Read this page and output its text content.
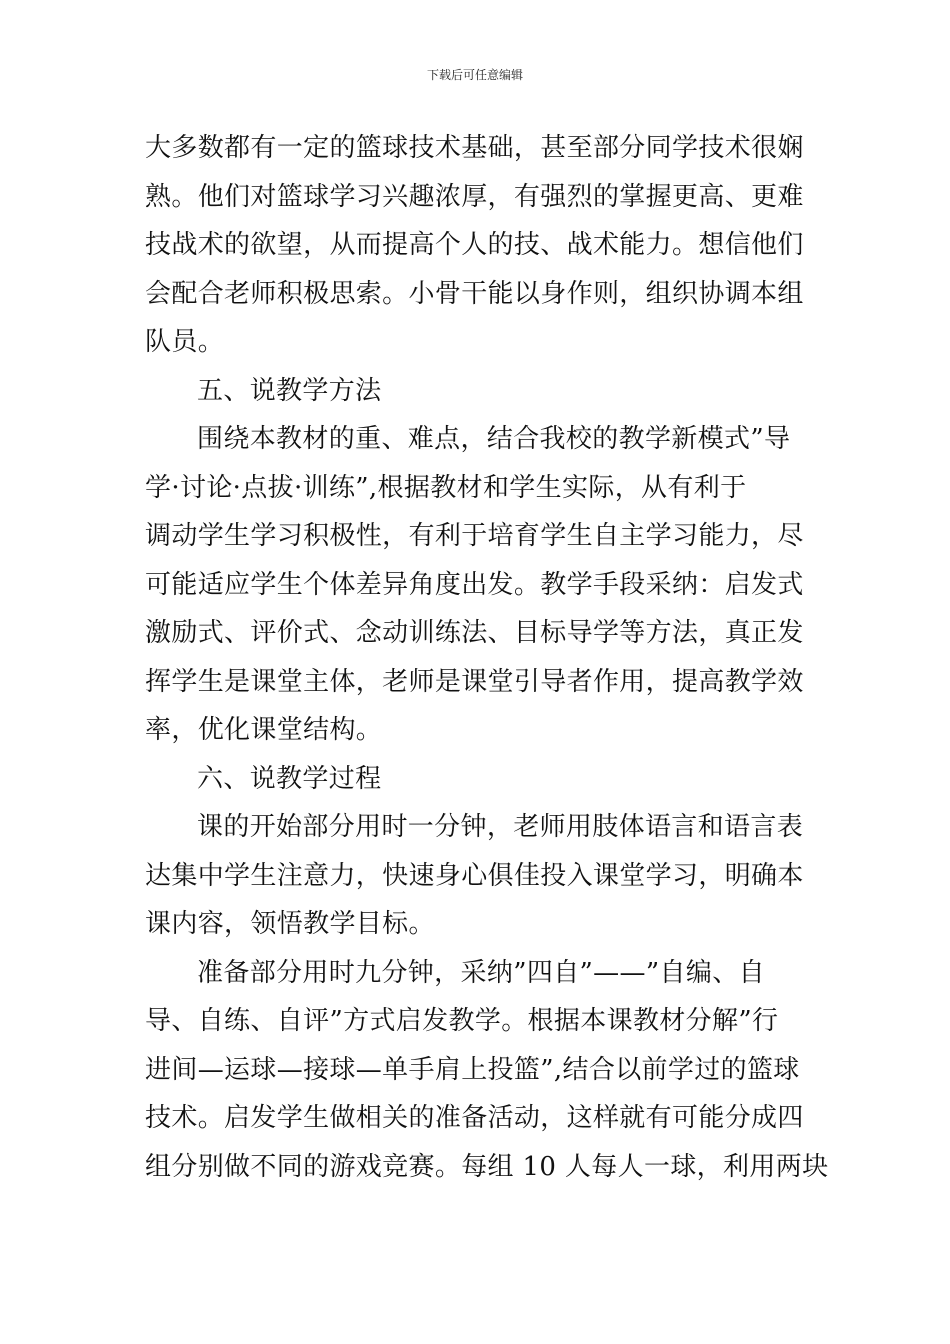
下载后可任意编辑
大多数都有一定的篮球技术基础，甚至部分同学技术很娴
熟。他们对篮球学习兴趣浓厚，有强烈的掌握更高、更难
技战术的欲望，从而提高个人的技、战术能力。想信他们
会配合老师积极思索。小骨干能以身作则，组织协调本组
队员。
五、说教学方法
围绕本教材的重、难点，结合我校的教学新模式”导
学·讨论·点拔·训练”,根据教材和学生实际，从有利于
调动学生学习积极性，有利于培育学生自主学习能力，尽
可能适应学生个体差异角度出发。教学手段采纳：启发式
激励式、评价式、念动训练法、目标导学等方法，真正发
挥学生是课堂主体，老师是课堂引导者作用，提高教学效
率，优化课堂结构。
六、说教学过程
课的开始部分用时一分钟，老师用肢体语言和语言表
达集中学生注意力，快速身心俱佳投入课堂学习，明确本
课内容，领悟教学目标。
准备部分用时九分钟，采纳”四自”——”自编、自
导、自练、自评”方式启发教学。根据本课教材分解”行
进间—运球—接球—单手肩上投篮”,结合以前学过的篮球
技术。启发学生做相关的准备活动，这样就有可能分成四
组分别做不同的游戏竞赛。每组 10 人每人一球，利用两块
